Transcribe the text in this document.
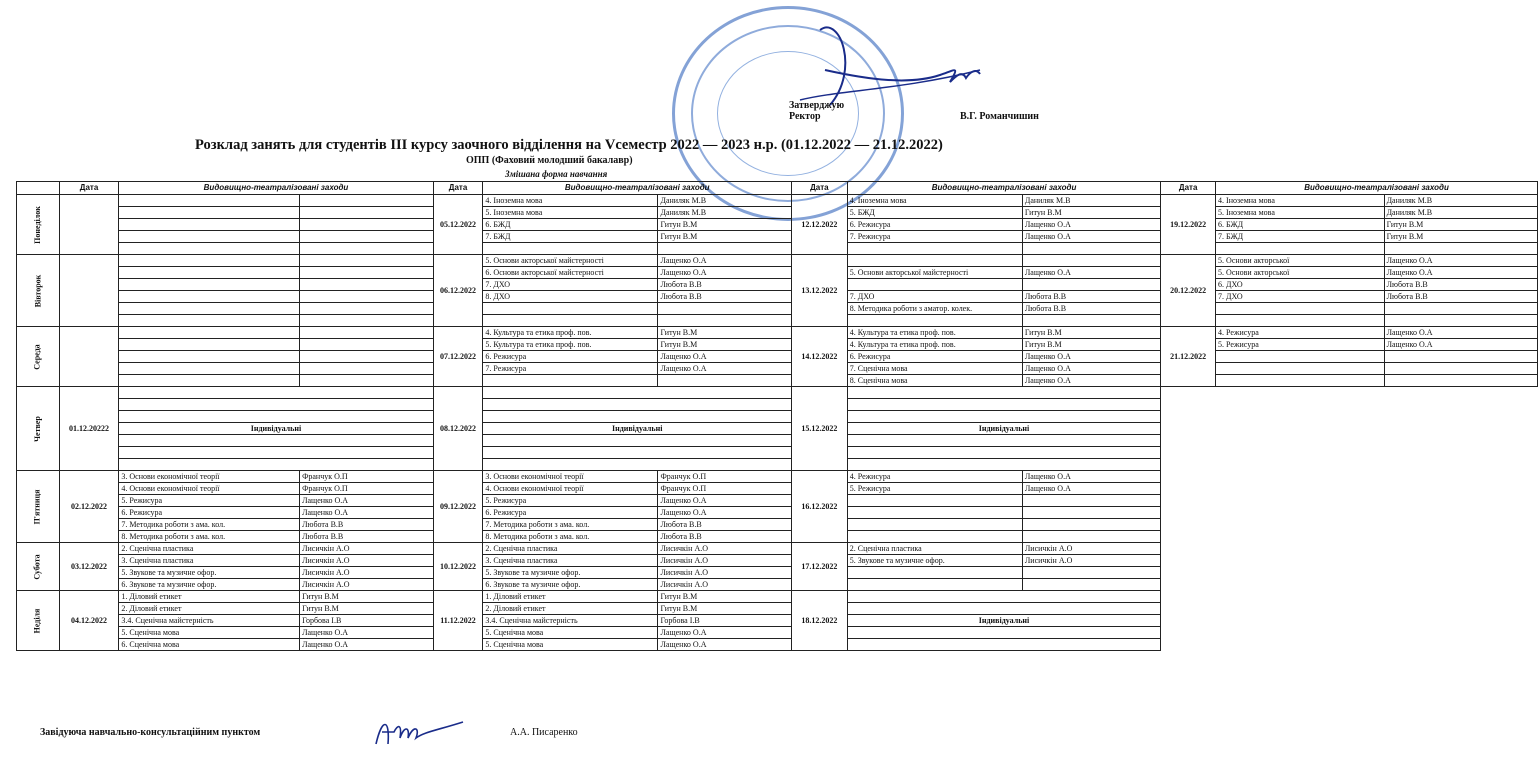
Затверджую
Ректор	В.Г. Романчишин
Розклад занять для студентів ІІІ курсу заочного відділення на Vсеместр 2022 — 2023 н.р. (01.12.2022 — 21.12.2022)
ОПП (Фаховий молодший бакалавр)
Змішана форма навчання
	Дата	Видовищно-театралізовані заходи		Дата	Видовищно-театралізовані заходи		Дата	Видовищно-театралізовані заходи		Дата	Видовищно-театралізовані заходи	
Понеділок				05.12.2022	4. Іноземна мова	Даниляк М.В	12.12.2022	4. Іноземна мова	Даниляк М.В	19.12.2022	4. Іноземна мова	Даниляк М.В
					5. Іноземна мова	Даниляк М.В		5. БЖД	Гитун В.М		5. Іноземна мова	Даниляк М.В
					6. БЖД	Гитун В.М		6. Режисура	Лащенко О.А		6. БЖД	Гитун В.М
					7. БЖД	Гитун В.М		7. Режисура	Лащенко О.А		7. БЖД	Гитун В.М

Вівторок				06.12.2022	5. Основи акторської майстерності	Лащенко О.А	13.12.2022			20.12.2022	5. Основи акторської	Лащенко О.А
					6. Основи акторської майстерності	Лащенко О.А		5. Основи акторської майстерності	Лащенко О.А		5. Основи акторської	Лащенко О.А
					7. ДХО	Любота В.В					6. ДХО	Любота В.В
					8. ДХО	Любота В.В		7. ДХО	Любота В.В		7. ДХО	Любота В.В
								8. Методика роботи з аматор. колек.	Любота В.В			

Середа				07.12.2022	4. Культура та етика проф. пов.	Гитун В.М	14.12.2022	4. Культура та етика проф. пов.	Гитун В.М	21.12.2022	4. Режисура	Лащенко О.А
					5. Культура та етика проф. пов.	Гитун В.М		4. Культура та етика проф. пов.	Гитун В.М		5. Режисура	Лащенко О.А
					6. Режисура	Лащенко О.А		6. Режисура	Лащенко О.А			
					7. Режисура	Лащенко О.А		7. Сценічна мова	Лащенко О.А			
								8. Сценічна мова	Лащенко О.А			
Четвер	01.12.20222			08.12.2022			15.12.2022					

		Індивідуальні			Індивідуальні			Індивідуальні				

П'ятниця	02.12.2022	3. Основи економічної теорії	Франчук О.П	09.12.2022	3. Основи економічної теорії	Франчук О.П	16.12.2022	4. Режисура	Лащенко О.А			
		4. Основи економічної теорії	Франчук О.П		4. Основи економічної теорії	Франчук О.П		5. Режисура	Лащенко О.А			
		5. Режисура	Лащенко О.А		5. Режисура	Лащенко О.А						
		6. Режисура	Лащенко О.А		6. Режисура	Лащенко О.А						
		7. Методика роботи з ама. кол.	Любота В.В		7. Методика роботи з ама. кол.	Любота В.В						
		8. Методика роботи з ама. кол.	Любота В.В		8. Методика роботи з ама. кол.	Любота В.В						
Субота	03.12.2022	2. Сценічна пластика	Лисичкін А.О	10.12.2022	2. Сценічна пластика	Лисичкін А.О	17.12.2022	2. Сценічна пластика	Лисичкін А.О			
		3. Сценічна пластика	Лисичкін А.О		3. Сценічна пластика	Лисичкін А.О		5. Звукове та музичне офор.	Лисичкін А.О			
		5. Звукове та музичне офор.	Лисичкін А.О		5. Звукове та музичне офор.	Лисичкін А.О						
		6. Звукове та музичне офор.	Лисичкін А.О		6. Звукове та музичне офор.	Лисичкін А.О						
Неділя	04.12.2022	1. Діловий етикет	Гитун В.М	11.12.2022	1. Діловий етикет	Гитун В.М	18.12.2022					
		2. Діловий етикет	Гитун В.М		2. Діловий етикет	Гитун В.М						
		3.4. Сценічна майстерність	Горбова І.В		3.4. Сценічна майстерність	Горбова І.В		Індивідуальні				
		5. Сценічна мова	Лащенко О.А		5. Сценічна мова	Лащенко О.А						
		6. Сценічна мова	Лащенко О.А		5. Сценічна мова	Лащенко О.А						
Завідуюча навчально-консультаційним пунктом	А.А. Писаренко
